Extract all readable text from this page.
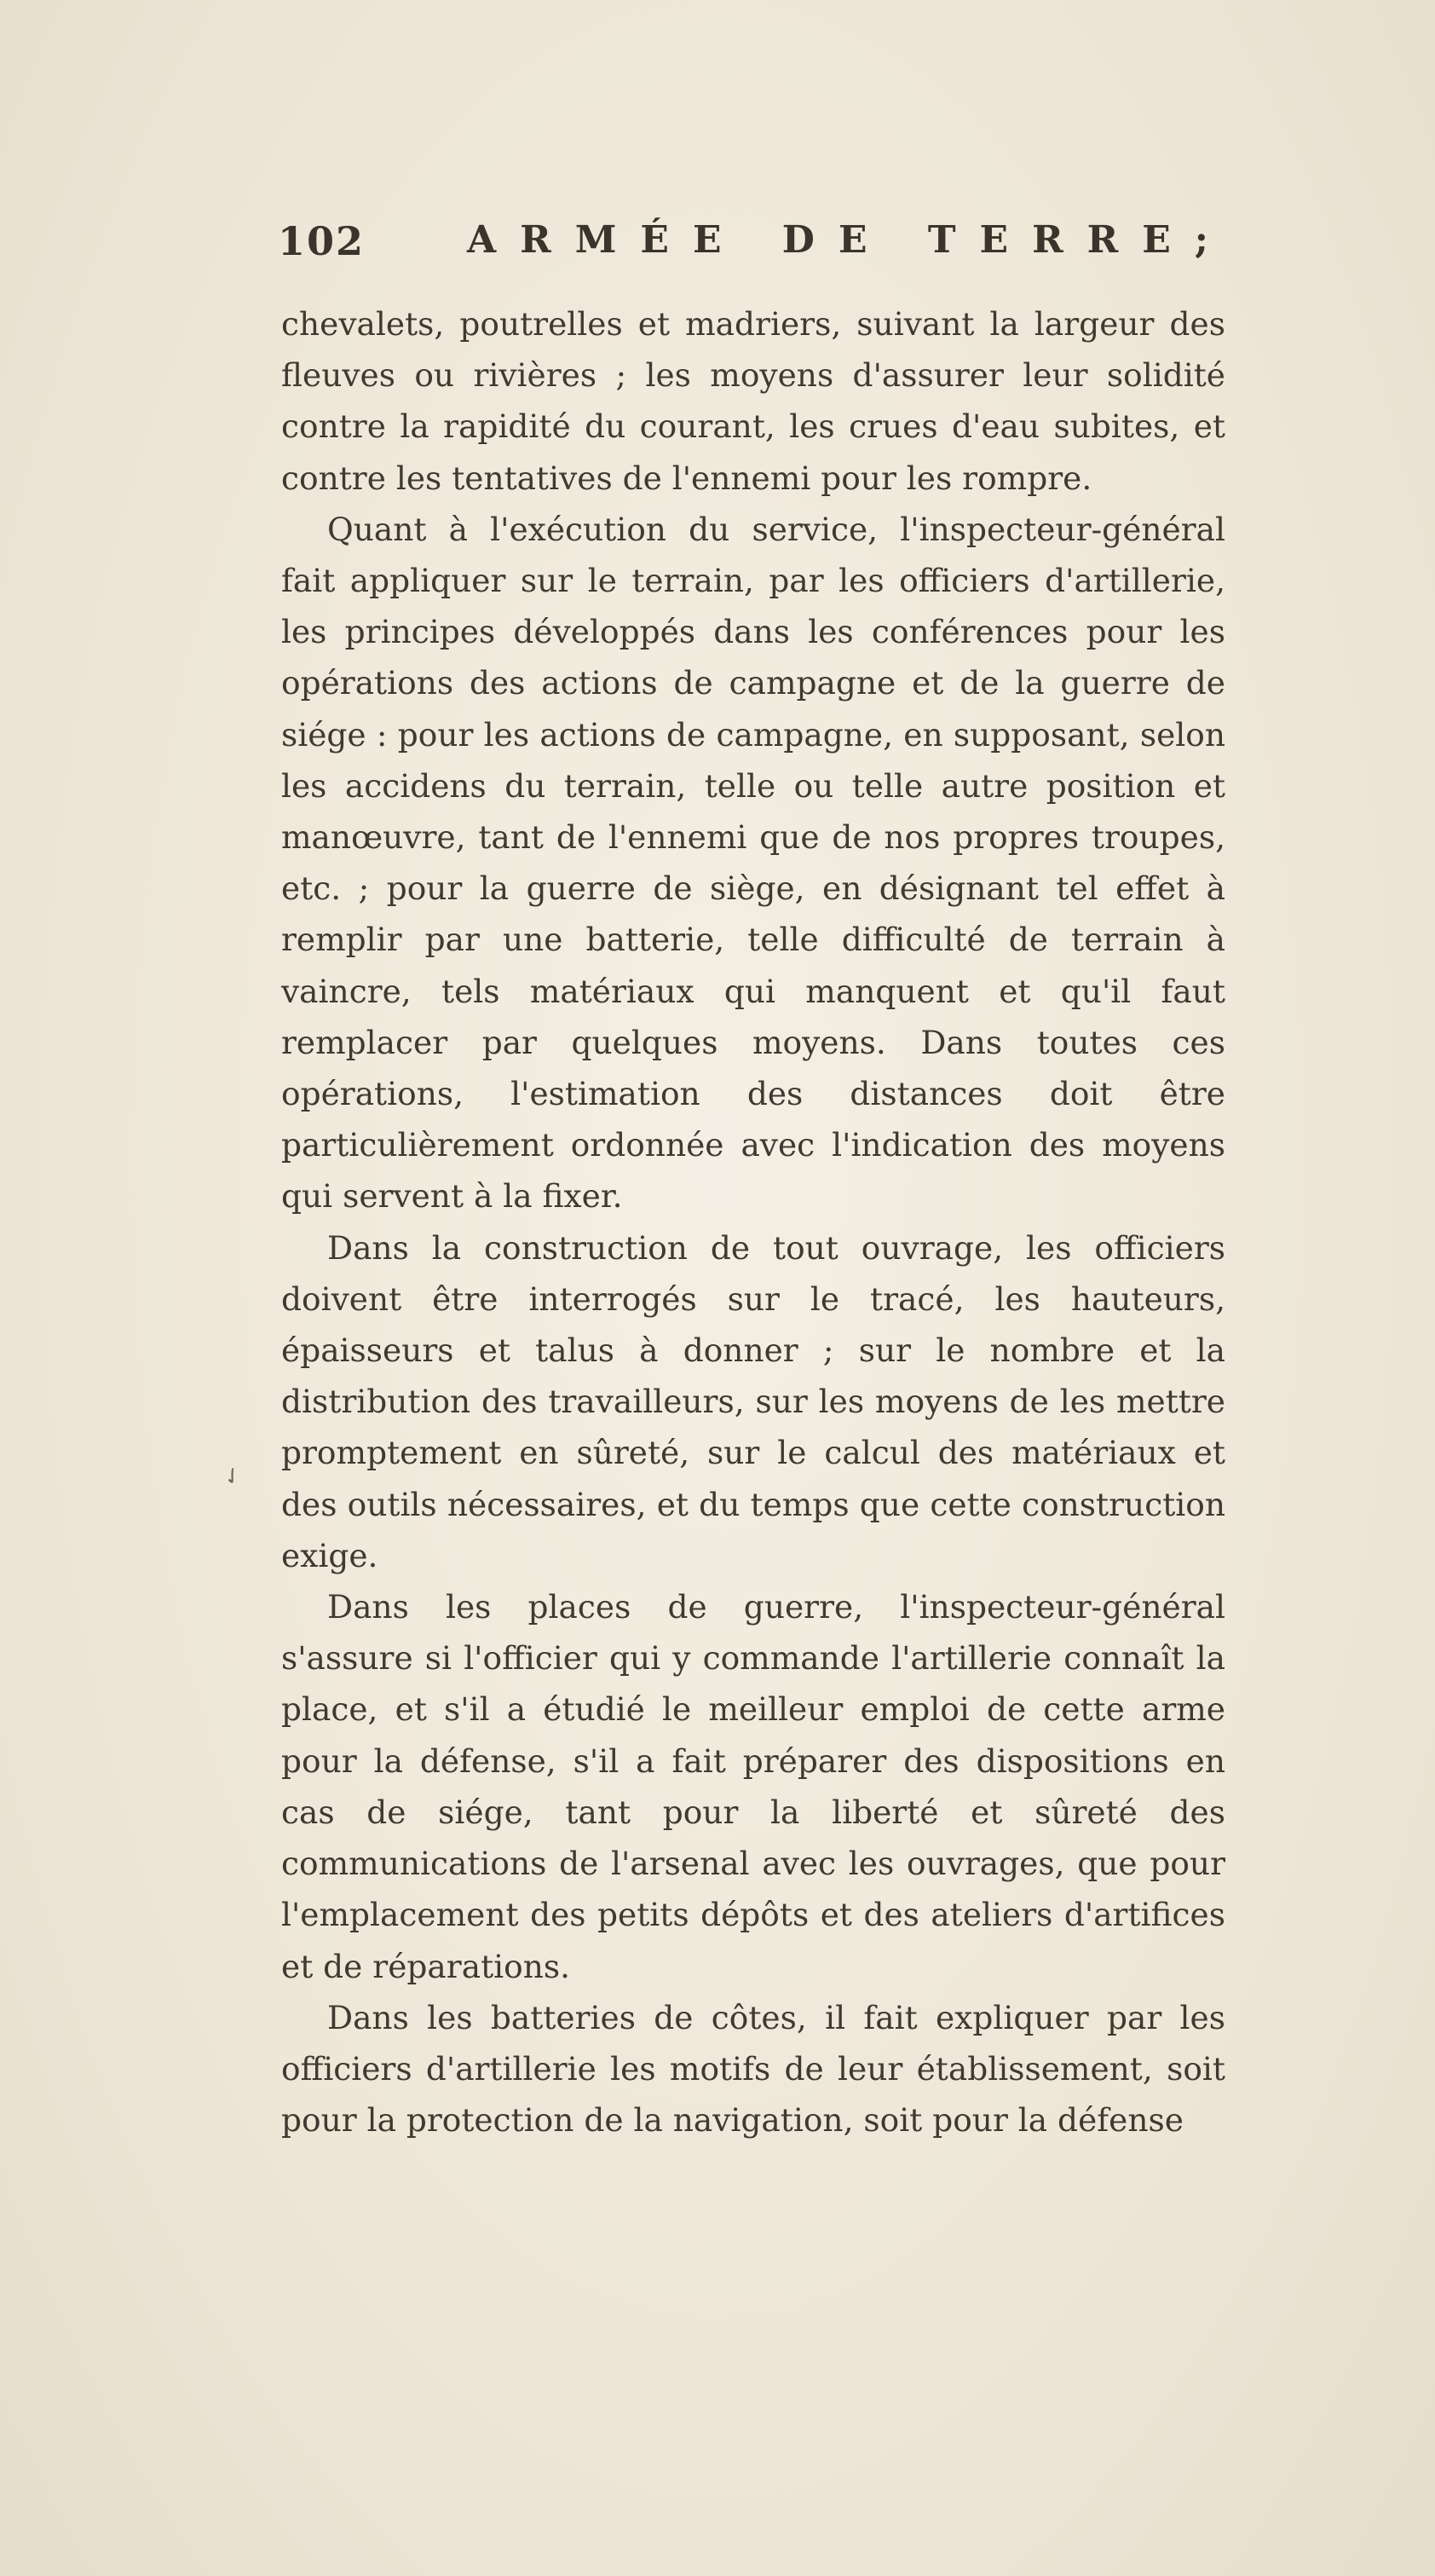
102	ARMÉE DE TERRE;

chevalets, poutrelles et madriers, suivant la largeur des fleuves ou rivières ; les moyens d'assurer leur solidité contre la rapidité du courant, les crues d'eau subites, et contre les tentatives de l'ennemi pour les rompre.

Quant à l'exécution du service, l'inspecteur-général fait appliquer sur le terrain, par les officiers d'artillerie, les principes développés dans les conférences pour les opérations des actions de campagne et de la guerre de siége : pour les actions de campagne, en supposant, selon les accidens du terrain, telle ou telle autre position et manœuvre, tant de l'ennemi que de nos propres troupes, etc. ; pour la guerre de siège, en désignant tel effet à remplir par une batterie, telle difficulté de terrain à vaincre, tels matériaux qui manquent et qu'il faut remplacer par quelques moyens. Dans toutes ces opérations, l'estimation des distances doit être particulièrement ordonnée avec l'indication des moyens qui servent à la fixer.

Dans la construction de tout ouvrage, les officiers doivent être interrogés sur le tracé, les hauteurs, épaisseurs et talus à donner ; sur le nombre et la distribution des travailleurs, sur les moyens de les mettre promptement en sûreté, sur le calcul des matériaux et des outils nécessaires, et du temps que cette construction exige.

Dans les places de guerre, l'inspecteur-général s'assure si l'officier qui y commande l'artillerie connaît la place, et s'il a étudié le meilleur emploi de cette arme pour la défense, s'il a fait préparer des dispositions en cas de siége, tant pour la liberté et sûreté des communications de l'arsenal avec les ouvrages, que pour l'emplacement des petits dépôts et des ateliers d'artifices et de réparations.

Dans les batteries de côtes, il fait expliquer par les officiers d'artillerie les motifs de leur établissement, soit pour la protection de la navigation, soit pour la défense

✓
